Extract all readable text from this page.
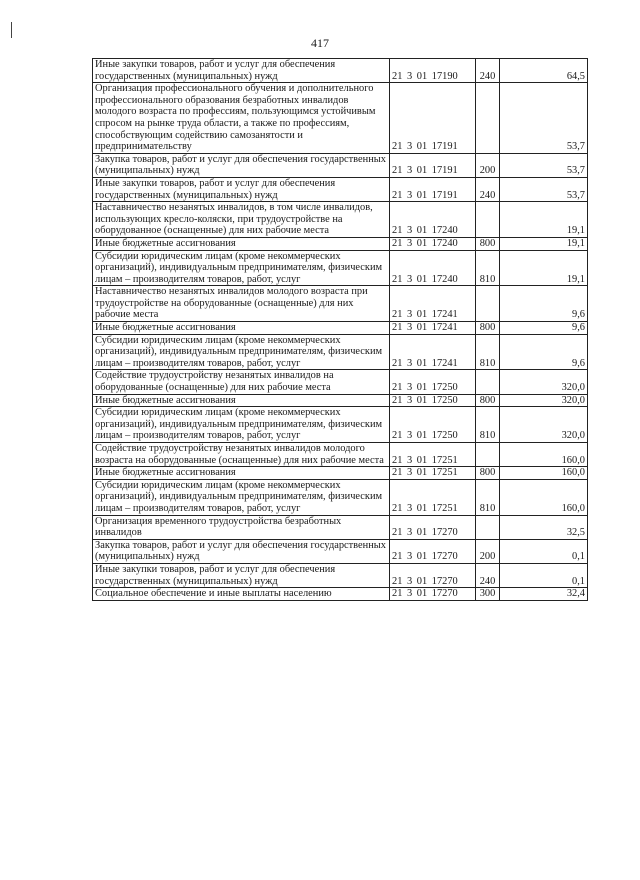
417
Иные закупки товаров, работ и услуг для обеспечения государственных (муниципальных) нужд	21 3 01 17190	240	64,5
Организация профессионального обучения и дополнительного профессионального образования безработных инвалидов молодого возраста по профессиям, пользующимся устойчивым спросом на рынке труда области, а также по профессиям, способствующим содействию самозанятости и предпринимательству	21 3 01 17191		53,7
Закупка товаров, работ и услуг для обеспечения государственных (муниципальных) нужд	21 3 01 17191	200	53,7
Иные закупки товаров, работ и услуг для обеспечения государственных (муниципальных) нужд	21 3 01 17191	240	53,7
Наставничество незанятых инвалидов, в том числе инвалидов, использующих кресло-коляски, при трудоустройстве на оборудованное (оснащенные) для них рабочие места	21 3 01 17240		19,1
Иные бюджетные ассигнования	21 3 01 17240	800	19,1
Субсидии юридическим лицам (кроме некоммерческих организаций), индивидуальным предпринимателям, физическим лицам – производителям товаров, работ, услуг	21 3 01 17240	810	19,1
Наставничество незанятых инвалидов молодого возраста при трудоустройстве на оборудованные (оснащенные) для них рабочие места	21 3 01 17241		9,6
Иные бюджетные ассигнования	21 3 01 17241	800	9,6
Субсидии юридическим лицам (кроме некоммерческих организаций), индивидуальным предпринимателям, физическим лицам – производителям товаров, работ, услуг	21 3 01 17241	810	9,6
Содействие трудоустройству незанятых инвалидов на оборудованные (оснащенные) для них рабочие места	21 3 01 17250		320,0
Иные бюджетные ассигнования	21 3 01 17250	800	320,0
Субсидии юридическим лицам (кроме некоммерческих организаций), индивидуальным предпринимателям, физическим лицам – производителям товаров, работ, услуг	21 3 01 17250	810	320,0
Содействие трудоустройству незанятых инвалидов молодого возраста на оборудованные (оснащенные) для них рабочие места	21 3 01 17251		160,0
Иные бюджетные ассигнования	21 3 01 17251	800	160,0
Субсидии юридическим лицам (кроме некоммерческих организаций), индивидуальным предпринимателям, физическим лицам – производителям товаров, работ, услуг	21 3 01 17251	810	160,0
Организация временного трудоустройства безработных инвалидов	21 3 01 17270		32,5
Закупка товаров, работ и услуг для обеспечения государственных (муниципальных) нужд	21 3 01 17270	200	0,1
Иные закупки товаров, работ и услуг для обеспечения государственных (муниципальных) нужд	21 3 01 17270	240	0,1
Социальное обеспечение и иные выплаты населению	21 3 01 17270	300	32,4
